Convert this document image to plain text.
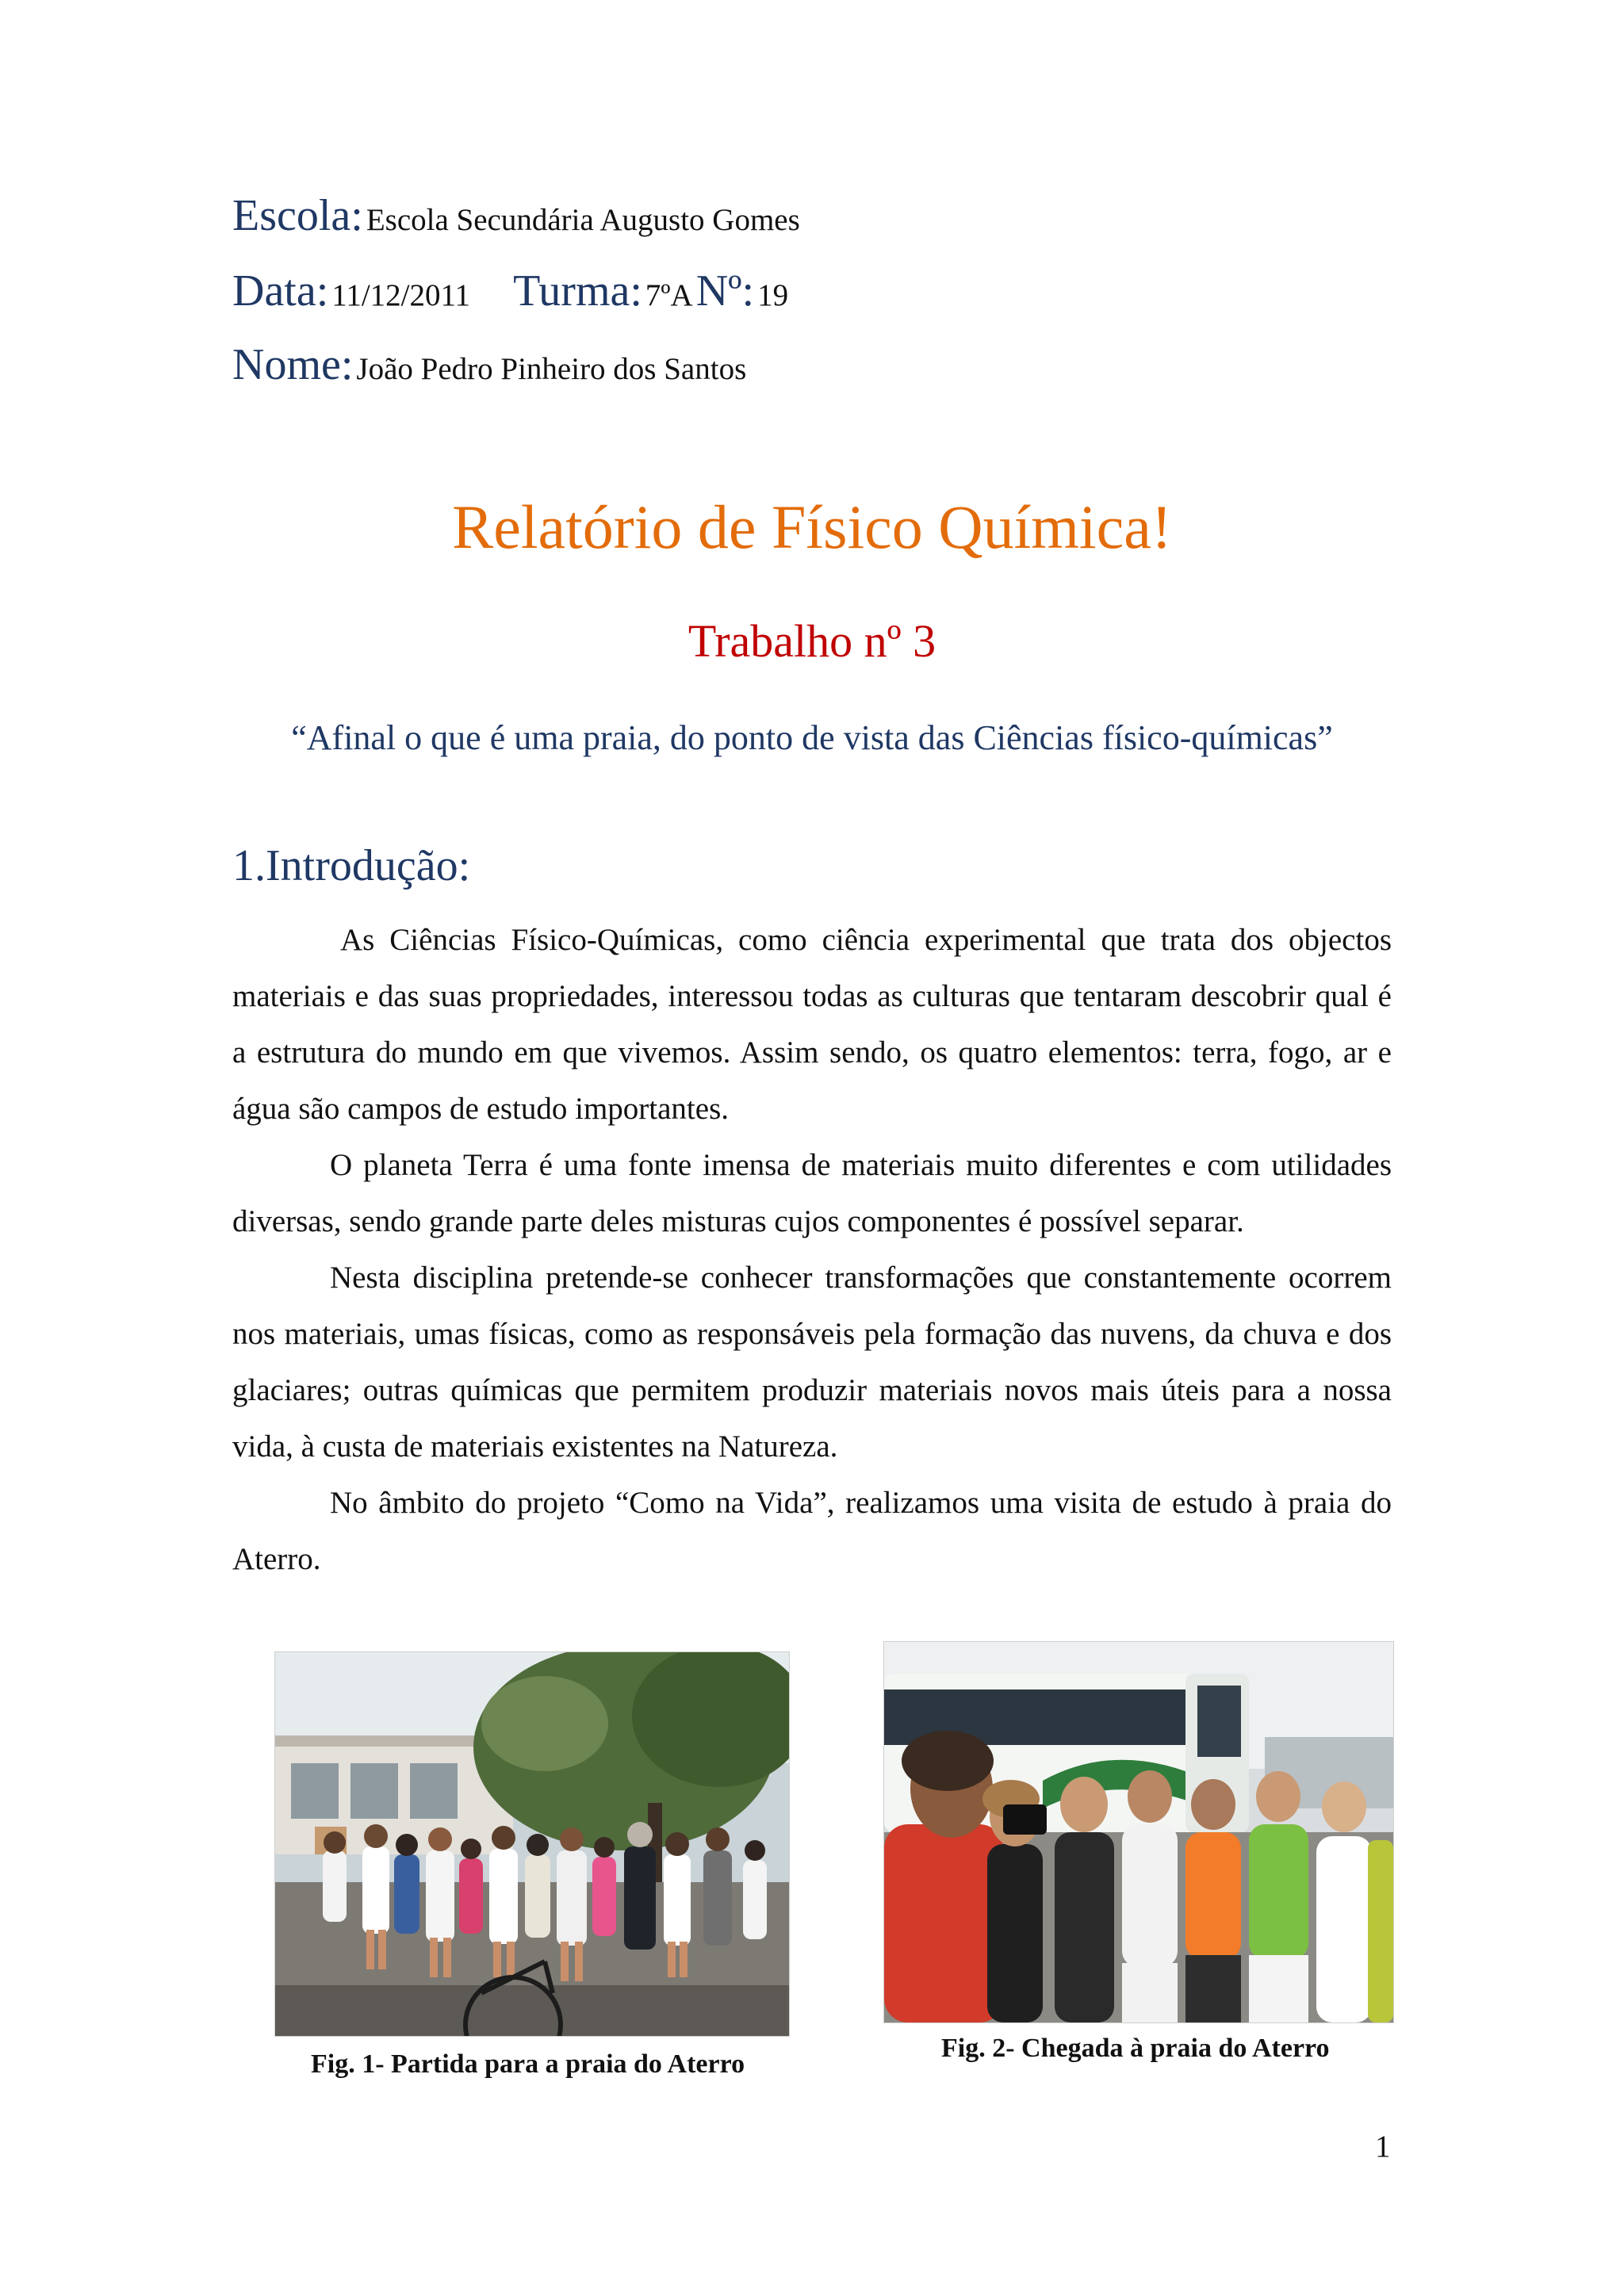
Escola: Escola Secundária Augusto Gomes
Data: 11/12/2011 Turma: 7ºA Nº: 19
Nome: João Pedro Pinheiro dos Santos
Relatório de Físico Química!
Trabalho nº 3
“Afinal o que é uma praia, do ponto de vista das Ciências físico-químicas”
1.Introdução:

As Ciências Físico-Químicas, como ciência experimental que trata dos objectos materiais e das suas propriedades, interessou todas as culturas que tentaram descobrir qual é a estrutura do mundo em que vivemos. Assim sendo, os quatro elementos: terra, fogo, ar e água são campos de estudo importantes.

O planeta Terra é uma fonte imensa de materiais muito diferentes e com utilidades diversas, sendo grande parte deles misturas cujos componentes é possível separar.

Nesta disciplina pretende-se conhecer transformações que constantemente ocorrem nos materiais, umas físicas, como as responsáveis pela formação das nuvens, da chuva e dos glaciares; outras químicas que permitem produzir materiais novos mais úteis para a nossa vida, à custa de materiais existentes na Natureza.

No âmbito do projeto “Como na Vida”, realizamos uma visita de estudo à praia do Aterro.

Fig. 1- Partida para a praia do Aterro
Fig. 2- Chegada à praia do Aterro
1
